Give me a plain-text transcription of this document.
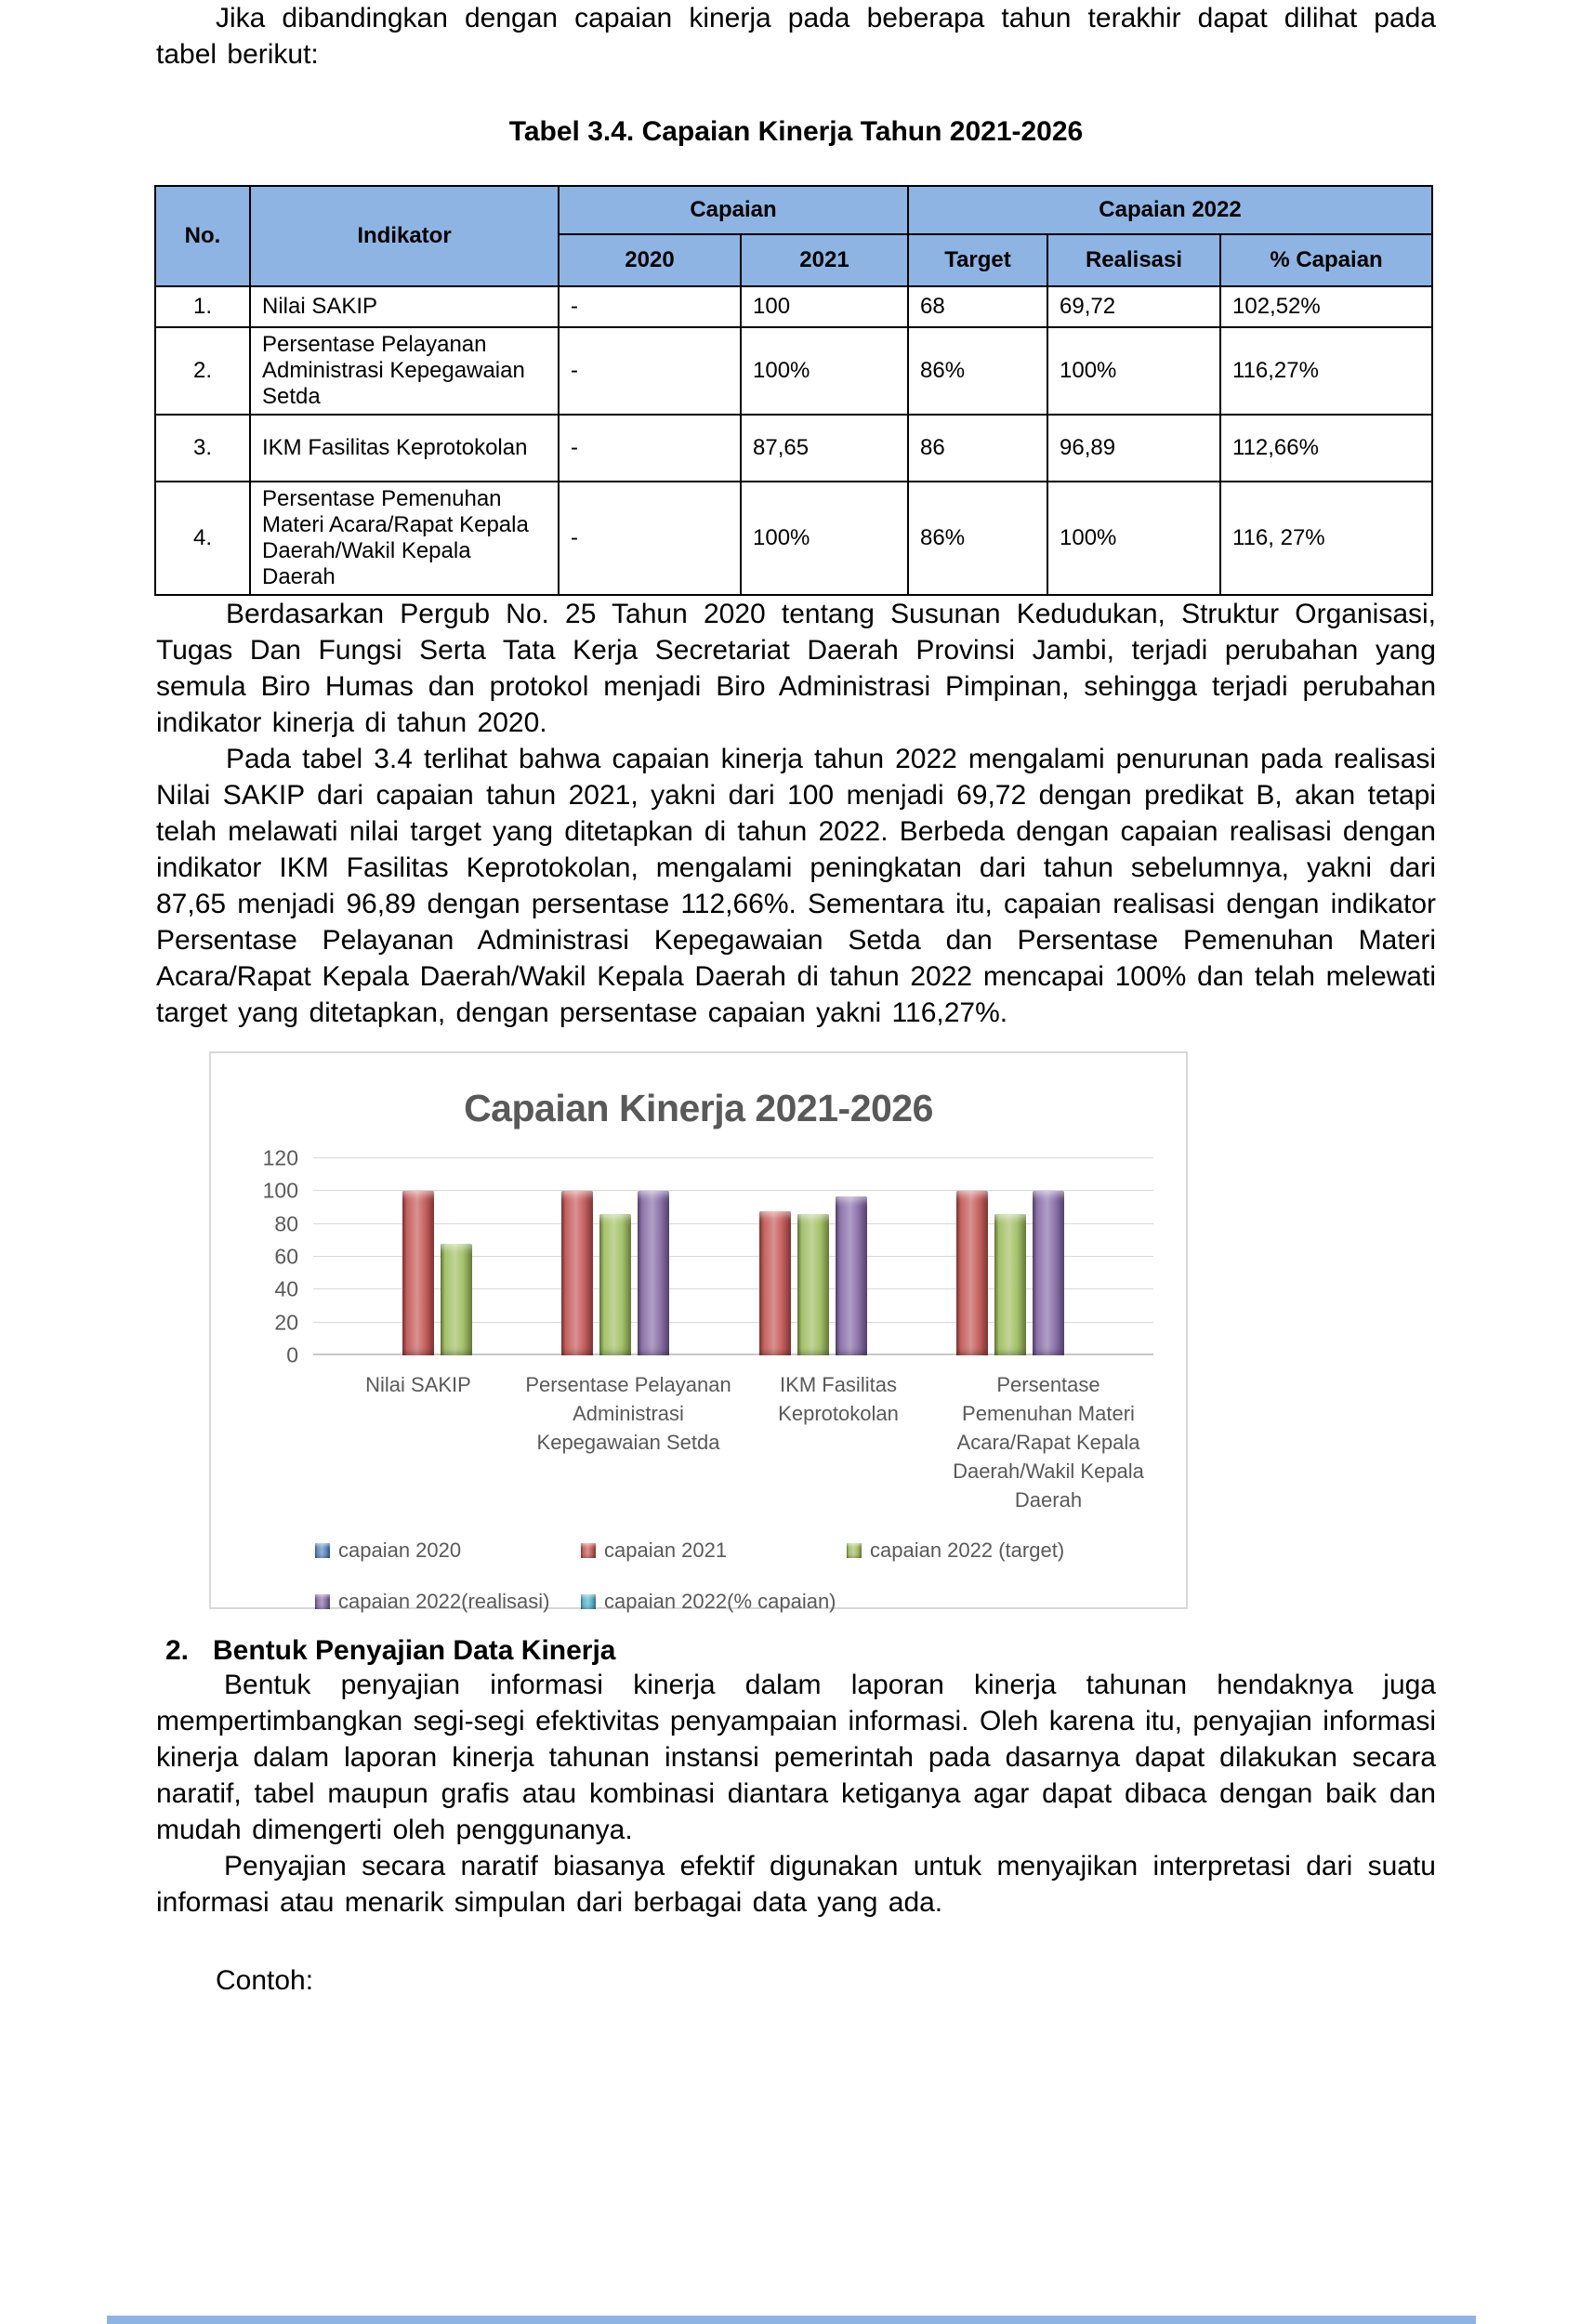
Jika dibandingkan dengan capaian kinerja pada beberapa tahun terakhir dapat dilihat pada tabel berikut:

Tabel 3.4. Capaian Kinerja Tahun 2021-2026
No.	Indikator	Capaian		Capaian 2022		
		2020	2021	Target	Realisasi	% Capaian
1.	Nilai SAKIP	-	100	68	69,72	102,52%
2.	Persentase Pelayanan Administrasi Kepegawaian Setda	-	100%	86%	100%	116,27%
3.	IKM Fasilitas Keprotokolan	-	87,65	86	96,89	112,66%
4.	Persentase Pemenuhan Materi Acara/Rapat Kepala Daerah/Wakil Kepala Daerah	-	100%	86%	100%	116, 27%

Berdasarkan Pergub No. 25 Tahun 2020 tentang Susunan Kedudukan, Struktur Organisasi, Tugas Dan Fungsi Serta Tata Kerja Secretariat Daerah Provinsi Jambi, terjadi perubahan yang semula Biro Humas dan protokol menjadi Biro Administrasi Pimpinan, sehingga terjadi perubahan indikator kinerja di tahun 2020.

Pada tabel 3.4 terlihat bahwa capaian kinerja tahun 2022 mengalami penurunan pada realisasi Nilai SAKIP dari capaian tahun 2021, yakni dari 100 menjadi 69,72 dengan predikat B, akan tetapi telah melawati nilai target yang ditetapkan di tahun 2022. Berbeda dengan capaian realisasi dengan indikator IKM Fasilitas Keprotokolan, mengalami peningkatan dari tahun sebelumnya, yakni dari 87,65 menjadi 96,89 dengan persentase 112,66%. Sementara itu, capaian realisasi dengan indikator Persentase Pelayanan Administrasi Kepegawaian Setda dan Persentase Pemenuhan Materi Acara/Rapat Kepala Daerah/Wakil Kepala Daerah di tahun 2022 mencapai 100% dan telah melewati target yang ditetapkan, dengan persentase capaian yakni 116,27%.

Capaian Kinerja 2021-2026
0
20
40
60
80
100
120
Nilai SAKIP	Persentase Pelayanan Administrasi Kepegawaian Setda
IKM Fasilitas Keprotokolan
Persentase Pemenuhan Materi Acara/Rapat Kepala Daerah/Wakil Kepala Daerah
capaian 2020	capaian 2021	capaian 2022 (target)
capaian 2022(realisasi)	capaian 2022(% capaian)
2. Bentuk Penyajian Data Kinerja

Bentuk penyajian informasi kinerja dalam laporan kinerja tahunan hendaknya juga mempertimbangkan segi-segi efektivitas penyampaian informasi. Oleh karena itu, penyajian informasi kinerja dalam laporan kinerja tahunan instansi pemerintah pada dasarnya dapat dilakukan secara naratif, tabel maupun grafis atau kombinasi diantara ketiganya agar dapat dibaca dengan baik dan mudah dimengerti oleh penggunanya.

Penyajian secara naratif biasanya efektif digunakan untuk menyajikan interpretasi dari suatu informasi atau menarik simpulan dari berbagai data yang ada.

Contoh:
